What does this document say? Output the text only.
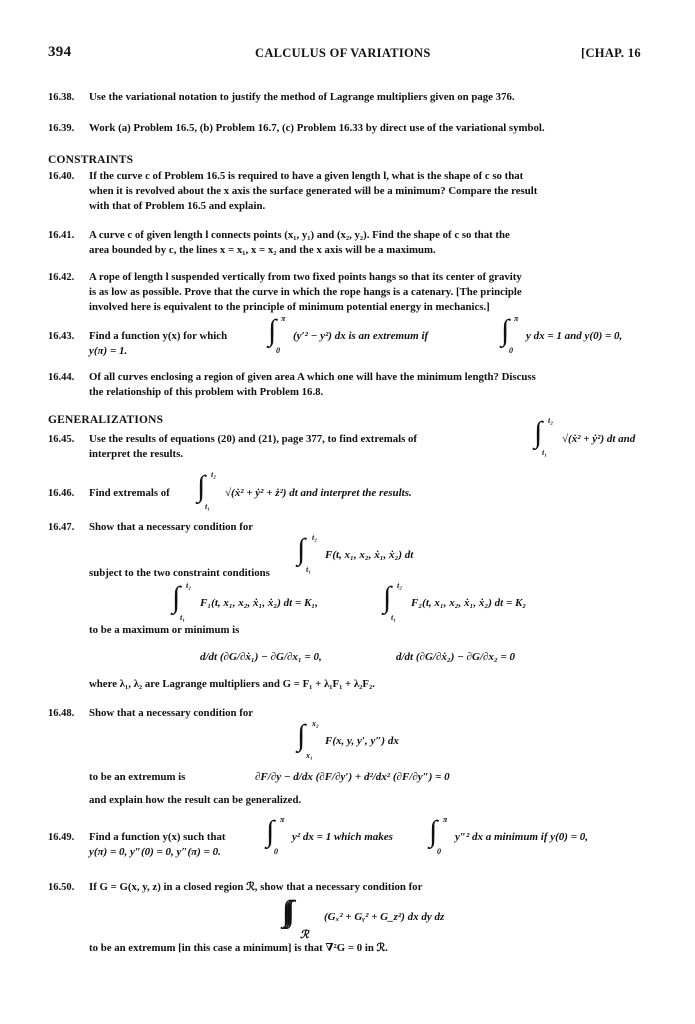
394	CALCULUS OF VARIATIONS	[CHAP. 16
16.38. Use the variational notation to justify the method of Lagrange multipliers given on page 376.
16.39. Work (a) Problem 16.5, (b) Problem 16.7, (c) Problem 16.33 by direct use of the variational symbol.
CONSTRAINTS
16.40. If the curve c of Problem 16.5 is required to have a given length l, what is the shape of c so that
when it is revolved about the x axis the surface generated will be a minimum? Compare the result
with that of Problem 16.5 and explain.
16.41. A curve c of given length l connects points (x₁, y₁) and (x₂, y₂). Find the shape of c so that the
area bounded by c, the lines x = x₁, x = x₂ and the x axis will be a maximum.
16.42. A rope of length l suspended vertically from two fixed points hangs so that its center of gravity
is as low as possible. Prove that the curve in which the rope hangs is a catenary. [The principle
involved here is equivalent to the principle of minimum potential energy in mechanics.]
16.43. Find a function y(x) for which ∫ π
0
(y′² − y²) dx is an extremum if ∫ π
0
y dx = 1 and y(0) = 0,
y(π) = 1.
16.44. Of all curves enclosing a region of given area A which one will have the minimum length? Discuss
the relationship of this problem with Problem 16.8.
GENERALIZATIONS
16.45. Use the results of equations (20) and (21), page 377, to find extremals of	∫ t₂
t₁
√(ẋ² + ẏ²) dt and
interpret the results.
16.46. Find extremals of ∫ t₂
t₁
√(ẋ² + ẏ² + ż²) dt and interpret the results.
16.47. Show that a necessary condition for
∫ t₂
t₁
F(t, x₁, x₂, ẋ₁, ẋ₂) dt
subject to the two constraint conditions
∫ t₂
t₁
F₁(t, x₁, x₂, ẋ₁, ẋ₂) dt = K₁, ∫ t₂
t₁
F₂(t, x₁, x₂, ẋ₁, ẋ₂) dt = K₂
to be a maximum or minimum is
d/dt (∂G/∂ẋ₁) − ∂G/∂x₁ = 0,	d/dt (∂G/∂ẋ₂) − ∂G/∂x₂ = 0
where λ₁, λ₂ are Lagrange multipliers and G = F₁ + λ₁F₁ + λ₂F₂.
16.48. Show that a necessary condition for
∫ x₂
x₁
F(x, y, y′, y″) dx
to be an extremum is	∂F/∂y − d/dx (∂F/∂y′) + d²/dx² (∂F/∂y″) = 0
and explain how the result can be generalized.
16.49. Find a function y(x) such that ∫ π
0
y² dx = 1 which makes ∫ π
0
y″² dx a minimum if y(0) = 0,
y(π) = 0, y″(0) = 0, y″(π) = 0.
16.50. If G = G(x, y, z) in a closed region ℛ, show that a necessary condition for
∫∫∫
ℛ
(Gₓ² + Gᵧ² + G_z²) dx dy dz
to be an extremum [in this case a minimum] is that ∇²G = 0 in ℛ.
